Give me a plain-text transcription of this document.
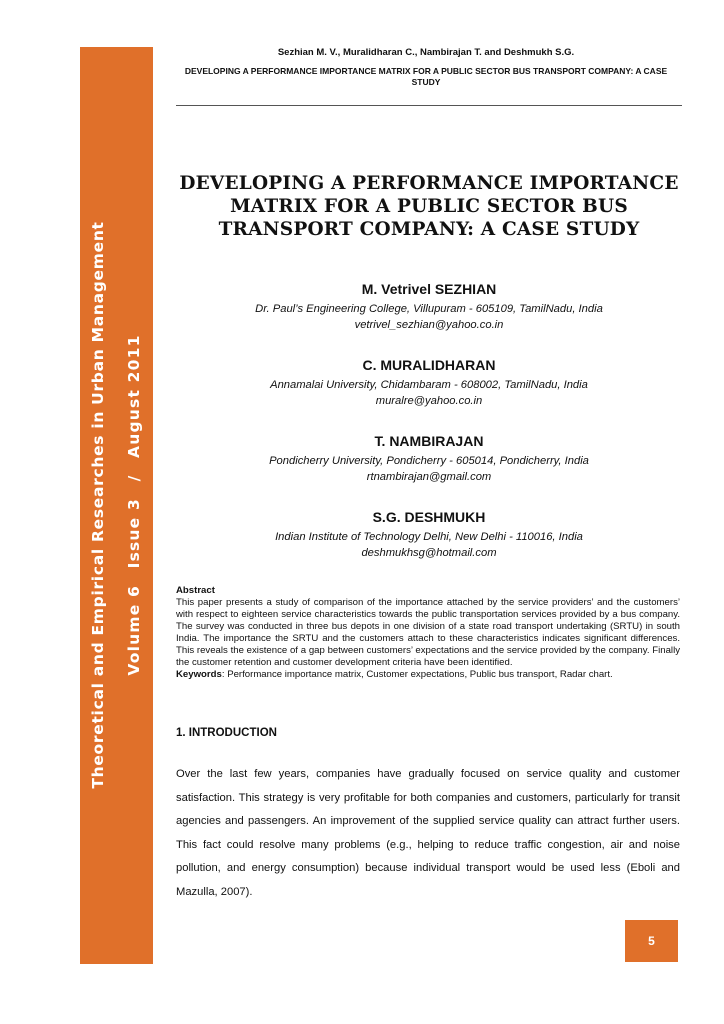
Theoretical and Empirical Researches in Urban Management Volume 6 Issue 3 / August 2011
Sezhian M. V., Muralidharan C., Nambirajan T. and Deshmukh S.G.
DEVELOPING A PERFORMANCE IMPORTANCE MATRIX FOR A PUBLIC SECTOR BUS TRANSPORT COMPANY: A CASE STUDY
DEVELOPING A PERFORMANCE IMPORTANCE MATRIX FOR A PUBLIC SECTOR BUS TRANSPORT COMPANY: A CASE STUDY
M. Vetrivel SEZHIAN
Dr. Paul’s Engineering College, Villupuram - 605109, TamilNadu, India
vetrivel_sezhian@yahoo.co.in
C. MURALIDHARAN
Annamalai University, Chidambaram - 608002, TamilNadu, India
muralre@yahoo.co.in
T. NAMBIRAJAN
Pondicherry University, Pondicherry - 605014, Pondicherry, India
rtnambirajan@gmail.com
S.G. DESHMUKH
Indian Institute of Technology Delhi, New Delhi - 110016, India
deshmukhsg@hotmail.com
Abstract
This paper presents a study of comparison of the importance attached by the service providers’ and the customers’ with respect to eighteen service characteristics towards the public transportation services provided by a bus company. The survey was conducted in three bus depots in one division of a state road transport undertaking (SRTU) in south India. The importance the SRTU and the customers attach to these characteristics indicates significant differences. This reveals the existence of a gap between customers’ expectations and the service provided by the company. Finally the customer retention and customer development criteria have been identified.
Keywords: Performance importance matrix, Customer expectations, Public bus transport, Radar chart.
1. INTRODUCTION
Over the last few years, companies have gradually focused on service quality and customer satisfaction. This strategy is very profitable for both companies and customers, particularly for transit agencies and passengers. An improvement of the supplied service quality can attract further users. This fact could resolve many problems (e.g., helping to reduce traffic congestion, air and noise pollution, and energy consumption) because individual transport would be used less (Eboli and Mazulla, 2007).
5
